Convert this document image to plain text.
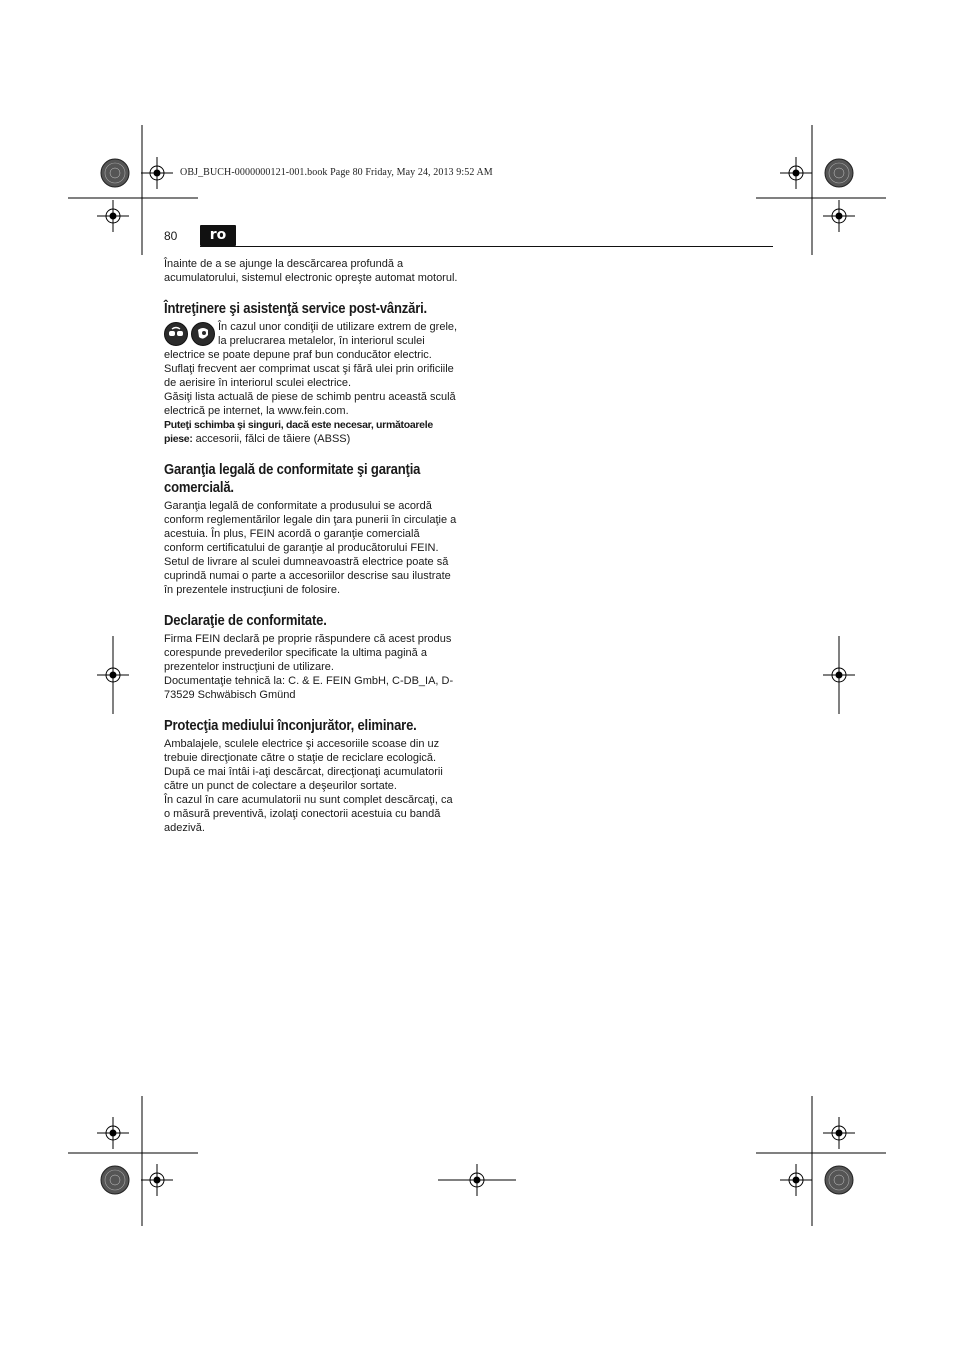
OBJ_BUCH-0000000121-001.book Page 80 Friday, May 24, 2013 9:52 AM
80	ro

Înainte de a se ajunge la descărcarea profundă a acumulatorului, sistemul electronic opreşte automat motorul.

Întreţinere şi asistenţă service post-vânzări.

În cazul unor condiţii de utilizare extrem de grele, la prelucrarea metalelor, în interiorul sculei electrice se poate depune praf bun conducător electric. Suflaţi frecvent aer comprimat uscat şi fără ulei prin orificiile de aerisire în interiorul sculei electrice.

Găsiţi lista actuală de piese de schimb pentru această sculă electrică pe internet, la www.fein.com.

Puteţi schimba şi singuri, dacă este necesar, următoarele piese: accesorii, fălci de tăiere (ABSS)

Garanţia legală de conformitate şi garanţia comercială.

Garanţia legală de conformitate a produsului se acordă conform reglementărilor legale din ţara punerii în circulaţie a acestuia. În plus, FEIN acordă o garanţie comercială conform certificatului de garanţie al producătorului FEIN.

Setul de livrare al sculei dumneavoastră electrice poate să cuprindă numai o parte a accesoriilor descrise sau ilustrate în prezentele instrucţiuni de folosire.

Declaraţie de conformitate.

Firma FEIN declară pe proprie răspundere că acest produs corespunde prevederilor specificate la ultima pagină a prezentelor instrucţiuni de utilizare.

Documentaţie tehnică la: C. & E. FEIN GmbH, C-DB_IA, D-73529 Schwäbisch Gmünd

Protecţia mediului înconjurător, eliminare.

Ambalajele, sculele electrice şi accesoriile scoase din uz trebuie direcţionate către o staţie de reciclare ecologică.

După ce mai întâi i-aţi descărcat, direcţionaţi acumulatorii către un punct de colectare a deşeurilor sortate.

În cazul în care acumulatorii nu sunt complet descărcaţi, ca o măsură preventivă, izolaţi conectorii acestuia cu bandă adezivă.
